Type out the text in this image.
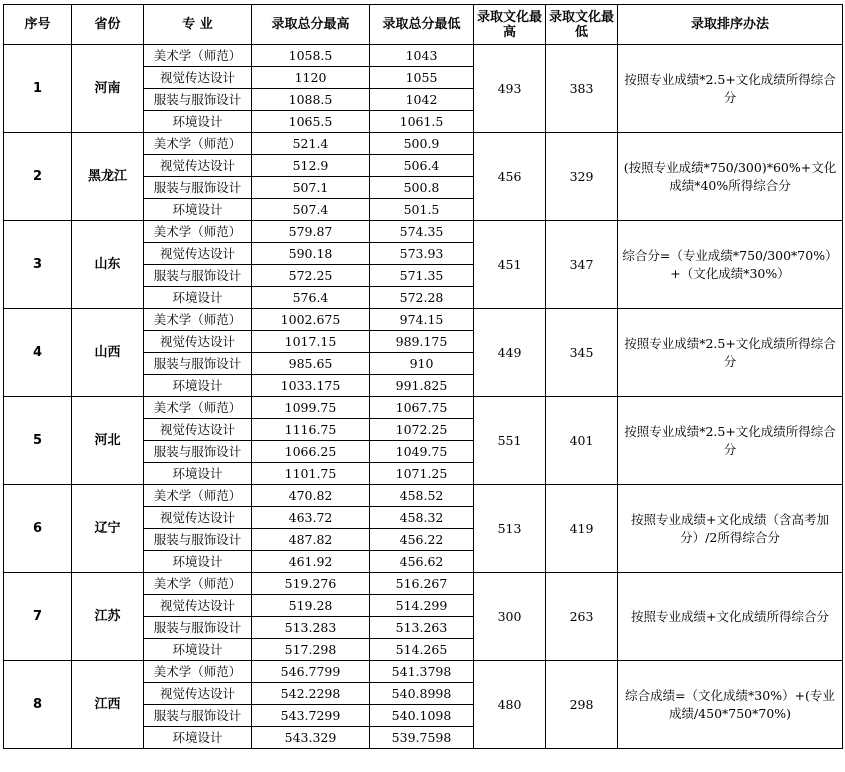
序号	省份	专 业	录取总分最高	录取总分最低	录取文化最高	录取文化最低	录取排序办法
1	河南	美术学（师范）	1058.5	1043	493	383	按照专业成绩*2.5+文化成绩所得综合分
		视觉传达设计	1120	1055			
		服装与服饰设计	1088.5	1042			
		环境设计	1065.5	1061.5			
2	黑龙江	美术学（师范）	521.4	500.9	456	329	(按照专业成绩*750/300)*60%+文化成绩*40%所得综合分
		视觉传达设计	512.9	506.4			
		服装与服饰设计	507.1	500.8			
		环境设计	507.4	501.5			
3	山东	美术学（师范）	579.87	574.35	451	347	综合分=（专业成绩*750/300*70%）+（文化成绩*30%）
		视觉传达设计	590.18	573.93			
		服装与服饰设计	572.25	571.35			
		环境设计	576.4	572.28			
4	山西	美术学（师范）	1002.675	974.15	449	345	按照专业成绩*2.5+文化成绩所得综合分
		视觉传达设计	1017.15	989.175			
		服装与服饰设计	985.65	910			
		环境设计	1033.175	991.825			
5	河北	美术学（师范）	1099.75	1067.75	551	401	按照专业成绩*2.5+文化成绩所得综合分
		视觉传达设计	1116.75	1072.25			
		服装与服饰设计	1066.25	1049.75			
		环境设计	1101.75	1071.25			
6	辽宁	美术学（师范）	470.82	458.52	513	419	按照专业成绩+文化成绩（含高考加分）/2所得综合分
		视觉传达设计	463.72	458.32			
		服装与服饰设计	487.82	456.22			
		环境设计	461.92	456.62			
7	江苏	美术学（师范）	519.276	516.267	300	263	按照专业成绩+文化成绩所得综合分
		视觉传达设计	519.28	514.299			
		服装与服饰设计	513.283	513.263			
		环境设计	517.298	514.265			
8	江西	美术学（师范）	546.7799	541.3798	480	298	综合成绩=（文化成绩*30%）+(专业成绩/450*750*70%)
		视觉传达设计	542.2298	540.8998			
		服装与服饰设计	543.7299	540.1098			
		环境设计	543.329	539.7598			
